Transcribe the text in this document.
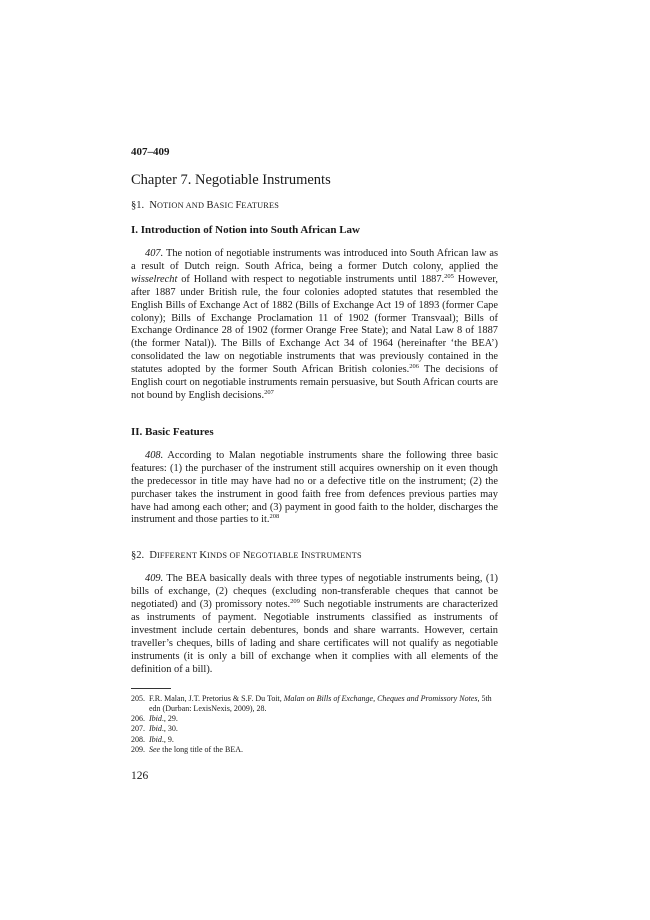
407–409
Chapter 7. Negotiable Instruments
§1. NOTION AND BASIC FEATURES
I. Introduction of Notion into South African Law

407. The notion of negotiable instruments was introduced into South African law as a result of Dutch reign. South Africa, being a former Dutch colony, applied the wisselrecht of Holland with respect to negotiable instruments until 1887.$^{205}$ However, after 1887 under British rule, the four colonies adopted statutes that resembled the English Bills of Exchange Act of 1882 (Bills of Exchange Act 19 of 1893 (former Cape colony); Bills of Exchange Proclamation 11 of 1902 (former Transvaal); Bills of Exchange Ordinance 28 of 1902 (former Orange Free State); and Natal Law 8 of 1887 (the former Natal)). The Bills of Exchange Act 34 of 1964 (hereinafter ‘the BEA’) consolidated the law on negotiable instruments that was previously contained in the statutes adopted by the former South African British colonies.$^{206}$ The decisions of English court on negotiable instruments remain persuasive, but South African courts are not bound by English decisions.$^{207}$

II. Basic Features

408. According to Malan negotiable instruments share the following three basic features: (1) the purchaser of the instrument still acquires ownership on it even though the predecessor in title may have had no or a defective title on the instrument; (2) the purchaser takes the instrument in good faith free from defences previous parties may have had among each other; and (3) payment in good faith to the holder, discharges the instrument and those parties to it.$^{208}$

§2. DIFFERENT KINDS OF NEGOTIABLE INSTRUMENTS

409. The BEA basically deals with three types of negotiable instruments being, (1) bills of exchange, (2) cheques (excluding non-transferable cheques that cannot be negotiated) and (3) promissory notes.$^{209}$ Such negotiable instruments are characterized as instruments of payment. Negotiable instruments classified as instruments of investment include certain debentures, bonds and share warrants. However, certain traveller’s cheques, bills of lading and share certificates will not qualify as negotiable instruments (it is only a bill of exchange when it complies with all elements of the definition of a bill).

205. F.R. Malan, J.T. Pretorius & S.F. Du Toit, Malan on Bills of Exchange, Cheques and Promissory Notes, 5th edn (Durban: LexisNexis, 2009), 28.
206. Ibid., 29.
207. Ibid., 30.
208. Ibid., 9.
209. See the long title of the BEA.
126
